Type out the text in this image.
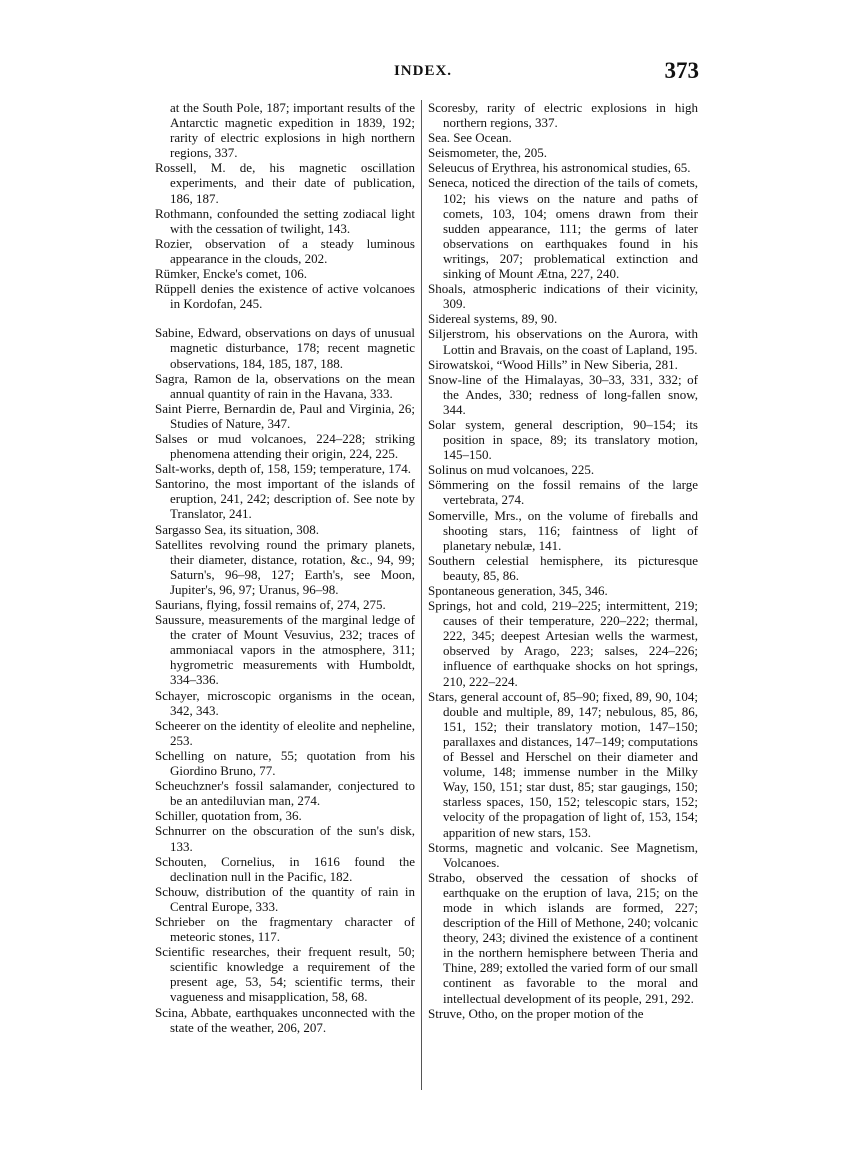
INDEX.	373

at the South Pole, 187; important results of the Antarctic magnetic expedition in 1839, 192; rarity of electric explosions in high northern regions, 337.

Rossell, M. de, his magnetic oscillation experiments, and their date of publication, 186, 187.

Rothmann, confounded the setting zodiacal light with the cessation of twilight, 143.

Rozier, observation of a steady luminous appearance in the clouds, 202.

Rümker, Encke's comet, 106.

Rüppell denies the existence of active volcanoes in Kordofan, 245.

Sabine, Edward, observations on days of unusual magnetic disturbance, 178; recent magnetic observations, 184, 185, 187, 188.

Sagra, Ramon de la, observations on the mean annual quantity of rain in the Havana, 333.

Saint Pierre, Bernardin de, Paul and Virginia, 26; Studies of Nature, 347.

Salses or mud volcanoes, 224–228; striking phenomena attending their origin, 224, 225.

Salt-works, depth of, 158, 159; temperature, 174.

Santorino, the most important of the islands of eruption, 241, 242; description of. See note by Translator, 241.

Sargasso Sea, its situation, 308.

Satellites revolving round the primary planets, their diameter, distance, rotation, &c., 94, 99; Saturn's, 96–98, 127; Earth's, see Moon, Jupiter's, 96, 97; Uranus, 96–98.

Saurians, flying, fossil remains of, 274, 275.

Saussure, measurements of the marginal ledge of the crater of Mount Vesuvius, 232; traces of ammoniacal vapors in the atmosphere, 311; hygrometric measurements with Humboldt, 334–336.

Schayer, microscopic organisms in the ocean, 342, 343.

Scheerer on the identity of eleolite and nepheline, 253.

Schelling on nature, 55; quotation from his Giordino Bruno, 77.

Scheuchzner's fossil salamander, conjectured to be an antediluvian man, 274.

Schiller, quotation from, 36.

Schnurrer on the obscuration of the sun's disk, 133.

Schouten, Cornelius, in 1616 found the declination null in the Pacific, 182.

Schouw, distribution of the quantity of rain in Central Europe, 333.

Schrieber on the fragmentary character of meteoric stones, 117.

Scientific researches, their frequent result, 50; scientific knowledge a requirement of the present age, 53, 54; scientific terms, their vagueness and misapplication, 58, 68.

Scina, Abbate, earthquakes unconnected with the state of the weather, 206, 207.

Scoresby, rarity of electric explosions in high northern regions, 337.

Sea. See Ocean.

Seismometer, the, 205.

Seleucus of Erythrea, his astronomical studies, 65.

Seneca, noticed the direction of the tails of comets, 102; his views on the nature and paths of comets, 103, 104; omens drawn from their sudden appearance, 111; the germs of later observations on earthquakes found in his writings, 207; problematical extinction and sinking of Mount Ætna, 227, 240.

Shoals, atmospheric indications of their vicinity, 309.

Sidereal systems, 89, 90.

Siljerstrom, his observations on the Aurora, with Lottin and Bravais, on the coast of Lapland, 195.

Sirowatskoi, “Wood Hills” in New Siberia, 281.

Snow-line of the Himalayas, 30–33, 331, 332; of the Andes, 330; redness of long-fallen snow, 344.

Solar system, general description, 90–154; its position in space, 89; its translatory motion, 145–150.

Solinus on mud volcanoes, 225.

Sömmering on the fossil remains of the large vertebrata, 274.

Somerville, Mrs., on the volume of fireballs and shooting stars, 116; faintness of light of planetary nebulæ, 141.

Southern celestial hemisphere, its picturesque beauty, 85, 86.

Spontaneous generation, 345, 346.

Springs, hot and cold, 219–225; intermittent, 219; causes of their temperature, 220–222; thermal, 222, 345; deepest Artesian wells the warmest, observed by Arago, 223; salses, 224–226; influence of earthquake shocks on hot springs, 210, 222–224.

Stars, general account of, 85–90; fixed, 89, 90, 104; double and multiple, 89, 147; nebulous, 85, 86, 151, 152; their translatory motion, 147–150; parallaxes and distances, 147–149; computations of Bessel and Herschel on their diameter and volume, 148; immense number in the Milky Way, 150, 151; star dust, 85; star gaugings, 150; starless spaces, 150, 152; telescopic stars, 152; velocity of the propagation of light of, 153, 154; apparition of new stars, 153.

Storms, magnetic and volcanic. See Magnetism, Volcanoes.

Strabo, observed the cessation of shocks of earthquake on the eruption of lava, 215; on the mode in which islands are formed, 227; description of the Hill of Methone, 240; volcanic theory, 243; divined the existence of a continent in the northern hemisphere between Theria and Thine, 289; extolled the varied form of our small continent as favorable to the moral and intellectual development of its people, 291, 292.

Struve, Otho, on the proper motion of the
